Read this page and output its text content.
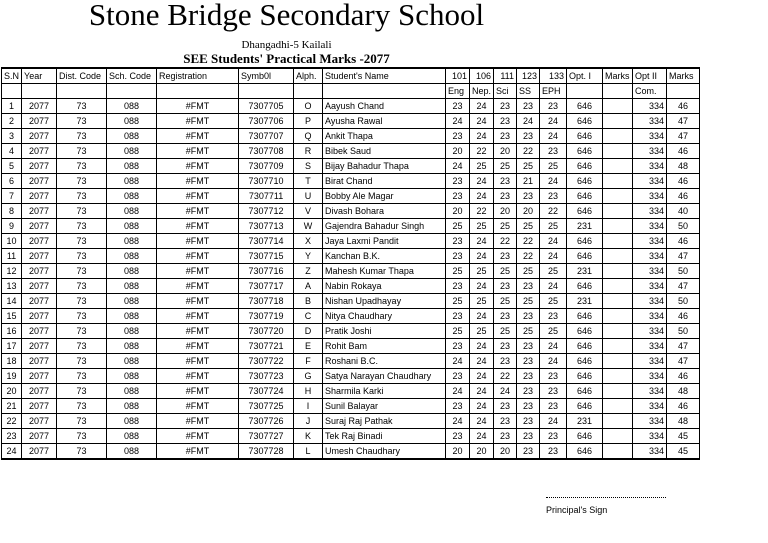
Stone Bridge Secondary School
Dhangadhi-5 Kailali
SEE Students' Practical Marks -2077
S.N	Year	Dist. Code	Sch. Code	Registration	Symb0l	Alph.	Student's Name	101	106	111	123	133	Opt. I	Marks	Opt II	Marks
								Eng	Nep.	Sci	SS	EPH			Com.	
1	2077	73	088	#FMT	7307705	O	Aayush Chand	23	24	23	23	23	646		334	46
2	2077	73	088	#FMT	7307706	P	Ayusha Rawal	24	24	23	24	24	646		334	47
3	2077	73	088	#FMT	7307707	Q	Ankit Thapa	23	24	23	23	24	646		334	47
4	2077	73	088	#FMT	7307708	R	Bibek Saud	20	22	20	22	23	646		334	46
5	2077	73	088	#FMT	7307709	S	Bijay Bahadur Thapa	24	25	25	25	25	646		334	48
6	2077	73	088	#FMT	7307710	T	Birat Chand	23	24	23	21	24	646		334	46
7	2077	73	088	#FMT	7307711	U	Bobby Ale Magar	23	24	23	23	23	646		334	46
8	2077	73	088	#FMT	7307712	V	Divash Bohara	20	22	20	20	22	646		334	40
9	2077	73	088	#FMT	7307713	W	Gajendra Bahadur Singh	25	25	25	25	25	231		334	50
10	2077	73	088	#FMT	7307714	X	Jaya Laxmi Pandit	23	24	22	22	24	646		334	46
11	2077	73	088	#FMT	7307715	Y	Kanchan B.K.	23	24	23	22	24	646		334	47
12	2077	73	088	#FMT	7307716	Z	Mahesh Kumar Thapa	25	25	25	25	25	231		334	50
13	2077	73	088	#FMT	7307717	A	Nabin Rokaya	23	24	23	23	24	646		334	47
14	2077	73	088	#FMT	7307718	B	Nishan Upadhayay	25	25	25	25	25	231		334	50
15	2077	73	088	#FMT	7307719	C	Nitya Chaudhary	23	24	23	23	23	646		334	46
16	2077	73	088	#FMT	7307720	D	Pratik Joshi	25	25	25	25	25	646		334	50
17	2077	73	088	#FMT	7307721	E	Rohit Bam	23	24	23	23	24	646		334	47
18	2077	73	088	#FMT	7307722	F	Roshani B.C.	24	24	23	23	24	646		334	47
19	2077	73	088	#FMT	7307723	G	Satya Narayan Chaudhary	23	24	22	23	23	646		334	46
20	2077	73	088	#FMT	7307724	H	Sharmila Karki	24	24	24	23	23	646		334	48
21	2077	73	088	#FMT	7307725	I	Sunil Balayar	23	24	23	23	23	646		334	46
22	2077	73	088	#FMT	7307726	J	Suraj Raj Pathak	24	24	23	23	24	231		334	48
23	2077	73	088	#FMT	7307727	K	Tek Raj Binadi	23	24	23	23	23	646		334	45
24	2077	73	088	#FMT	7307728	L	Umesh Chaudhary	20	20	20	23	23	646		334	45
Principal's Sign
